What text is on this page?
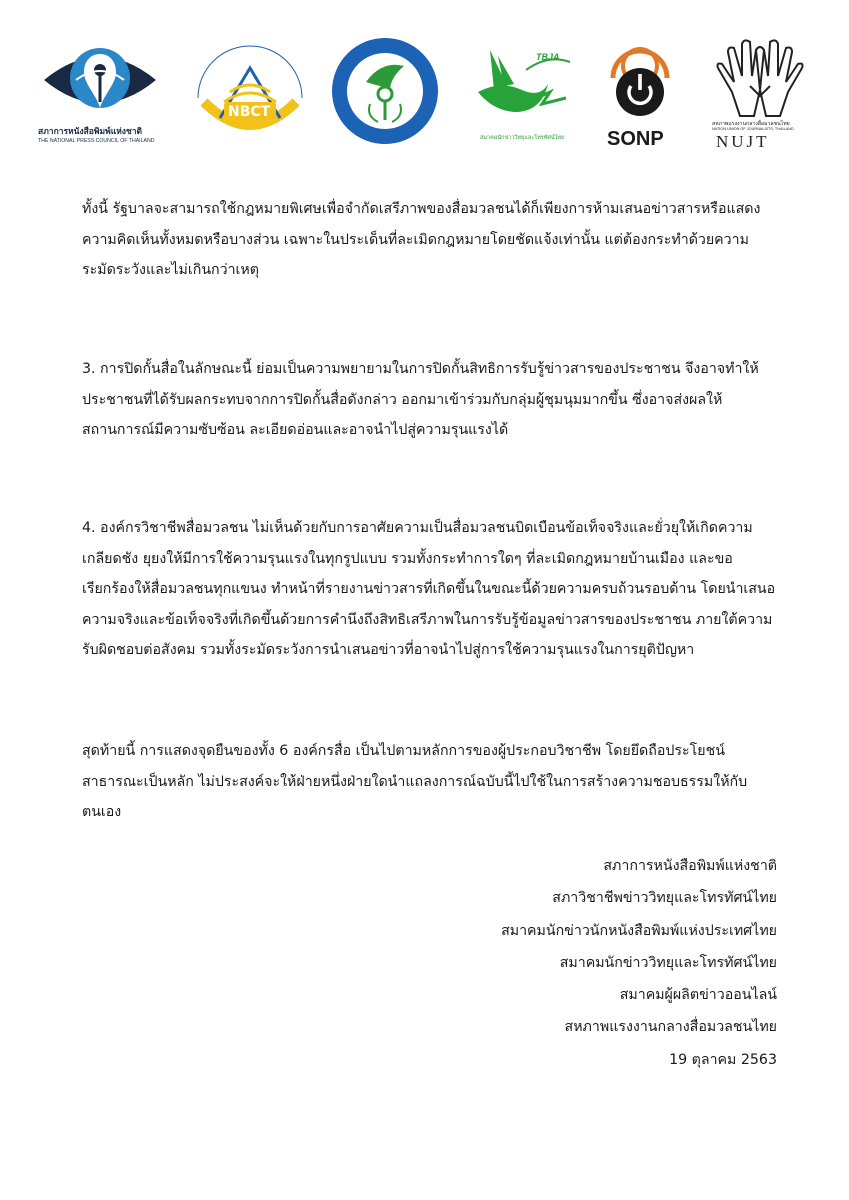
สภาการหนังสือพิมพ์แห่งชาติ
THE NATIONAL PRESS COUNCIL OF THAILAND
NBCT
TBJA
สมาคมนักข่าววิทยุและโทรทัศน์ไทย SONP
สหภาพแรงงานกลางสื่อมวลชนไทย
NATION UNION OF JOURNALISTS, THAILAND
NUJT

ทั้งนี้ รัฐบาลจะสามารถใช้กฎหมายพิเศษเพื่อจำกัดเสรีภาพของสื่อมวลชนได้ก็เพียงการห้ามเสนอข่าวสารหรือแสดง

ความคิดเห็นทั้งหมดหรือบางส่วน เฉพาะในประเด็นที่ละเมิดกฎหมายโดยชัดแจ้งเท่านั้น แต่ต้องกระทำด้วยความ

ระมัดระวังและไม่เกินกว่าเหตุ

3. การปิดกั้นสื่อในลักษณะนี้ ย่อมเป็นความพยายามในการปิดกั้นสิทธิการรับรู้ข่าวสารของประชาชน จึงอาจทำให้

ประชาชนที่ได้รับผลกระทบจากการปิดกั้นสื่อดังกล่าว ออกมาเข้าร่วมกับกลุ่มผู้ชุมนุมมากขึ้น ซึ่งอาจส่งผลให้

สถานการณ์มีความซับซ้อน ละเอียดอ่อนและอาจนำไปสู่ความรุนแรงได้

4. องค์กรวิชาชีพสื่อมวลชน ไม่เห็นด้วยกับการอาศัยความเป็นสื่อมวลชนบิดเบือนข้อเท็จจริงและยั่วยุให้เกิดความ

เกลียดชัง ยุยงให้มีการใช้ความรุนแรงในทุกรูปแบบ รวมทั้งกระทำการใดๆ ที่ละเมิดกฎหมายบ้านเมือง และขอ

เรียกร้องให้สื่อมวลชนทุกแขนง ทำหน้าที่รายงานข่าวสารที่เกิดขึ้นในขณะนี้ด้วยความครบถ้วนรอบด้าน โดยนำเสนอ

ความจริงและข้อเท็จจริงที่เกิดขึ้นด้วยการคำนึงถึงสิทธิเสรีภาพในการรับรู้ข้อมูลข่าวสารของประชาชน ภายใต้ความ

รับผิดชอบต่อสังคม รวมทั้งระมัดระวังการนำเสนอข่าวที่อาจนำไปสู่การใช้ความรุนแรงในการยุติปัญหา

สุดท้ายนี้ การแสดงจุดยืนของทั้ง 6 องค์กรสื่อ เป็นไปตามหลักการของผู้ประกอบวิชาชีพ โดยยึดถือประโยชน์

สาธารณะเป็นหลัก ไม่ประสงค์จะให้ฝ่ายหนึ่งฝ่ายใดนำแถลงการณ์ฉบับนี้ไปใช้ในการสร้างความชอบธรรมให้กับ

ตนเอง

สภาการหนังสือพิมพ์แห่งชาติ
สภาวิชาชีพข่าววิทยุและโทรทัศน์ไทย
สมาคมนักข่าวนักหนังสือพิมพ์แห่งประเทศไทย
สมาคมนักข่าววิทยุและโทรทัศน์ไทย
สมาคมผู้ผลิตข่าวออนไลน์
สหภาพแรงงานกลางสื่อมวลชนไทย
19 ตุลาคม 2563
